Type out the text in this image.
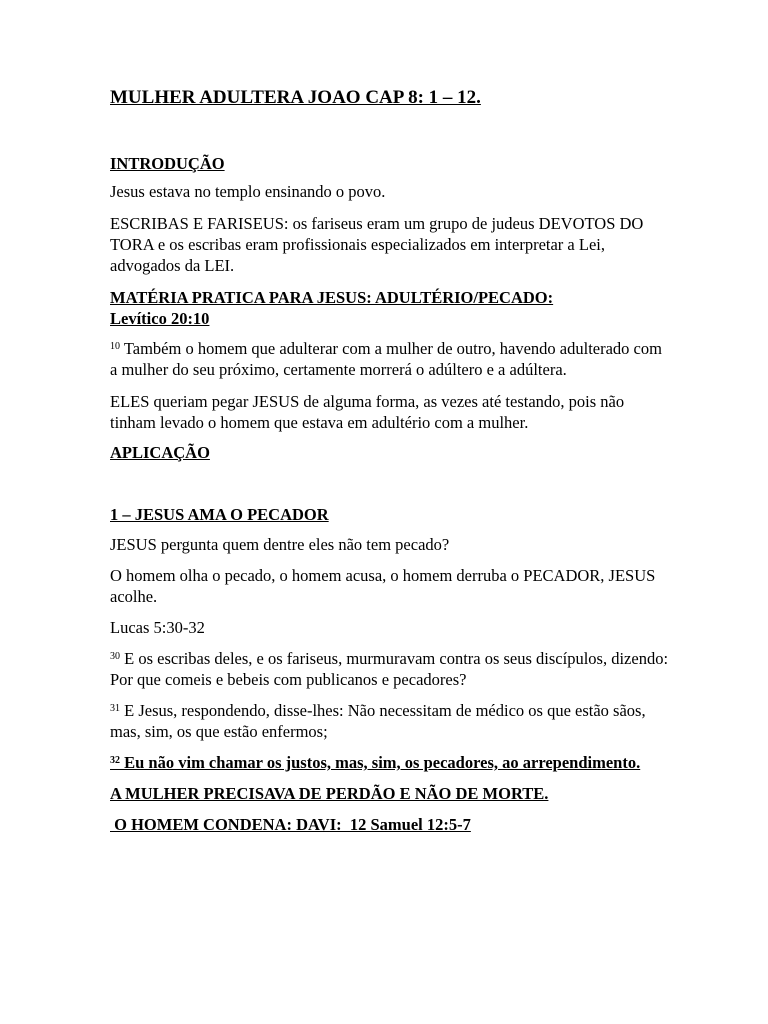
MULHER ADULTERA JOAO CAP 8: 1 – 12.

INTRODUÇÃO

Jesus estava no templo ensinando o povo.

ESCRIBAS E FARISEUS: os fariseus eram um grupo de judeus DEVOTOS DO TORA e os escribas eram profissionais especializados em interpretar a Lei, advogados da LEI.

MATÉRIA PRATICA PARA JESUS: ADULTÉRIO/PECADO:
Levítico 20:10

$^{10}$ Também o homem que adulterar com a mulher de outro, havendo adulterado com a mulher do seu próximo, certamente morrerá o adúltero e a adúltera.

ELES queriam pegar JESUS de alguma forma, as vezes até testando, pois não tinham levado o homem que estava em adultério com a mulher.

APLICAÇÃO

1 – JESUS AMA O PECADOR

JESUS pergunta quem dentre eles não tem pecado?

O homem olha o pecado, o homem acusa, o homem derruba o PECADOR, JESUS acolhe.

Lucas 5:30-32

$^{30}$ E os escribas deles, e os fariseus, murmuravam contra os seus discípulos, dizendo: Por que comeis e bebeis com publicanos e pecadores?

$^{31}$ E Jesus, respondendo, disse-lhes: Não necessitam de médico os que estão sãos, mas, sim, os que estão enfermos;

$^{32}$ Eu não vim chamar os justos, mas, sim, os pecadores, ao arrependimento.

A MULHER PRECISAVA DE PERDÃO E NÃO DE MORTE.

O HOMEM CONDENA: DAVI:  12 Samuel 12:5-7
